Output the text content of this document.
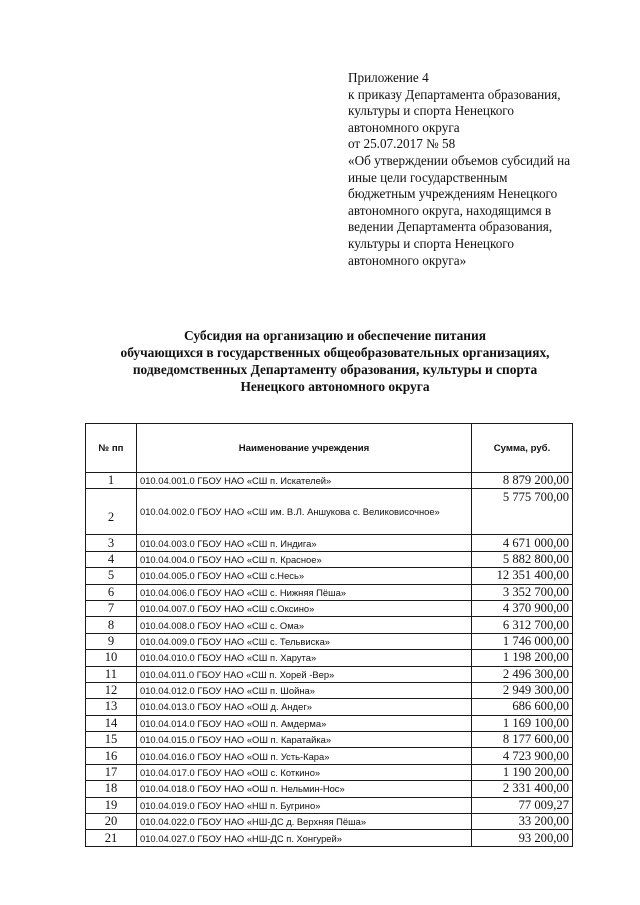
Приложение 4
к приказу Департамента образования,
культуры и спорта Ненецкого
автономного округа
от 25.07.2017 № 58
«Об утверждении объемов субсидий на
иные цели государственным
бюджетным учреждениям Ненецкого
автономного округа, находящимся в
ведении Департамента образования,
культуры и спорта Ненецкого
автономного округа»
Субсидия на организацию и обеспечение питания
обучающихся в государственных общеобразовательных организациях,
подведомственных Департаменту образования, культуры и спорта
Ненецкого автономного округа
№ пп	Наименование учреждения	Сумма, руб.
1	010.04.001.0 ГБОУ НАО «СШ п. Искателей»	8 879 200,00
2	010.04.002.0 ГБОУ НАО «СШ им. В.Л. Аншукова с. Великовисочное»	5 775 700,00
3	010.04.003.0 ГБОУ НАО «СШ п. Индига»	4 671 000,00
4	010.04.004.0 ГБОУ НАО «СШ п. Красное»	5 882 800,00
5	010.04.005.0 ГБОУ НАО «СШ с.Несь»	12 351 400,00
6	010.04.006.0 ГБОУ НАО «СШ с. Нижняя Пёша»	3 352 700,00
7	010.04.007.0 ГБОУ НАО «СШ с.Оксино»	4 370 900,00
8	010.04.008.0 ГБОУ НАО «СШ с. Ома»	6 312 700,00
9	010.04.009.0 ГБОУ НАО «СШ с. Тельвиска»	1 746 000,00
10	010.04.010.0 ГБОУ НАО «СШ п. Харута»	1 198 200,00
11	010.04.011.0 ГБОУ НАО «СШ п. Хорей -Вер»	2 496 300,00
12	010.04.012.0 ГБОУ НАО «СШ п. Шойна»	2 949 300,00
13	010.04.013.0 ГБОУ НАО «ОШ д. Андег»	686 600,00
14	010.04.014.0 ГБОУ НАО «ОШ п. Амдерма»	1 169 100,00
15	010.04.015.0 ГБОУ НАО «ОШ п. Каратайка»	8 177 600,00
16	010.04.016.0 ГБОУ НАО «ОШ п. Усть-Кара»	4 723 900,00
17	010.04.017.0 ГБОУ НАО «ОШ с. Коткино»	1 190 200,00
18	010.04.018.0 ГБОУ НАО «ОШ п. Нельмин-Нос»	2 331 400,00
19	010.04.019.0 ГБОУ НАО «НШ п. Бугрино»	77 009,27
20	010.04.022.0 ГБОУ НАО «НШ-ДС д. Верхняя Пёша»	33 200,00
21	010.04.027.0 ГБОУ НАО «НШ-ДС п. Хонгурей»	93 200,00
